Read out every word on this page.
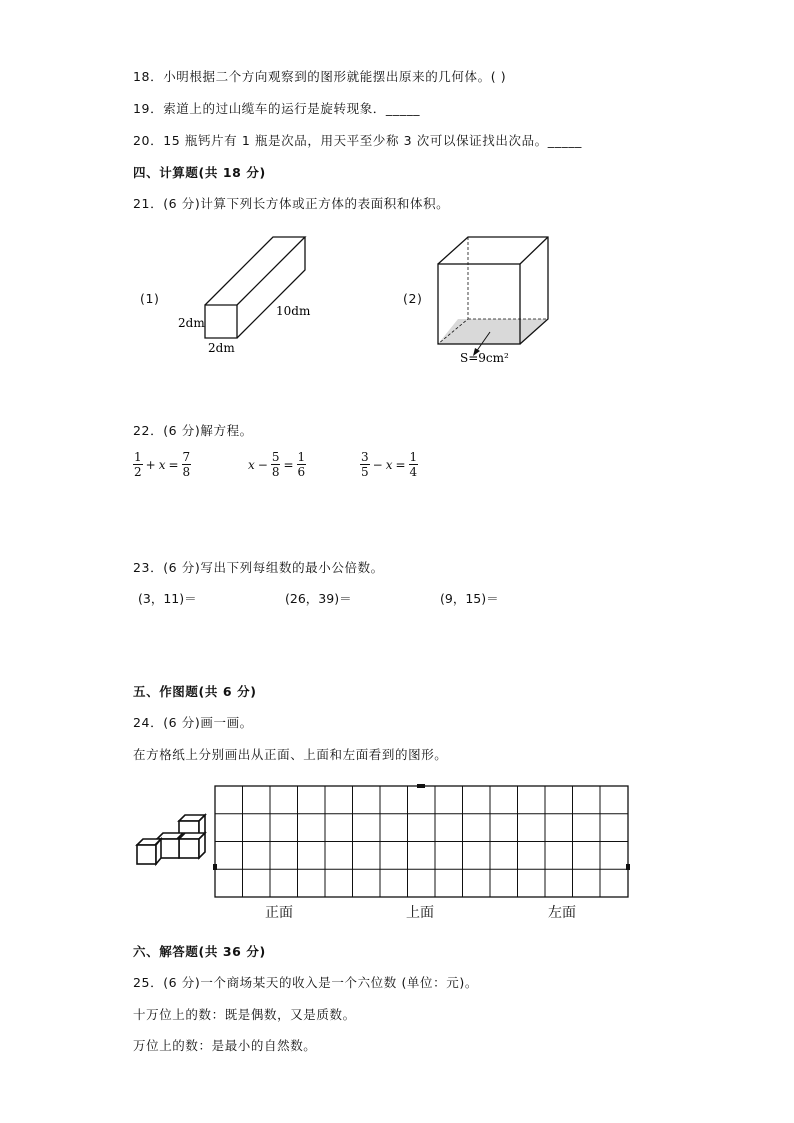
18．小明根据二个方向观察到的图形就能摆出原来的几何体。( )
19．索道上的过山缆车的运行是旋转现象．_____
20．15 瓶钙片有 1 瓶是次品，用天平至少称 3 次可以保证找出次品。_____
四、计算题(共 18 分)
21．(6 分)计算下列长方体或正方体的表面积和体积。
(1)
2dm
2dm
10dm
(2)
S=9cm²
22．(6 分)解方程。
$\frac{1}{2} + x = \frac{7}{8}$	$x - \frac{5}{8} = \frac{1}{6}$	$\frac{3}{5} - x = \frac{1}{4}$
23．(6 分)写出下列每组数的最小公倍数。
(3，11)＝	(26，39)＝	(9，15)＝
五、作图题(共 6 分)
24．(6 分)画一画。
在方格纸上分别画出从正面、上面和左面看到的图形。
正面	上面	左面
六、解答题(共 36 分)
25．(6 分)一个商场某天的收入是一个六位数 (单位：元)。
十万位上的数：既是偶数，又是质数。
万位上的数：是最小的自然数。
